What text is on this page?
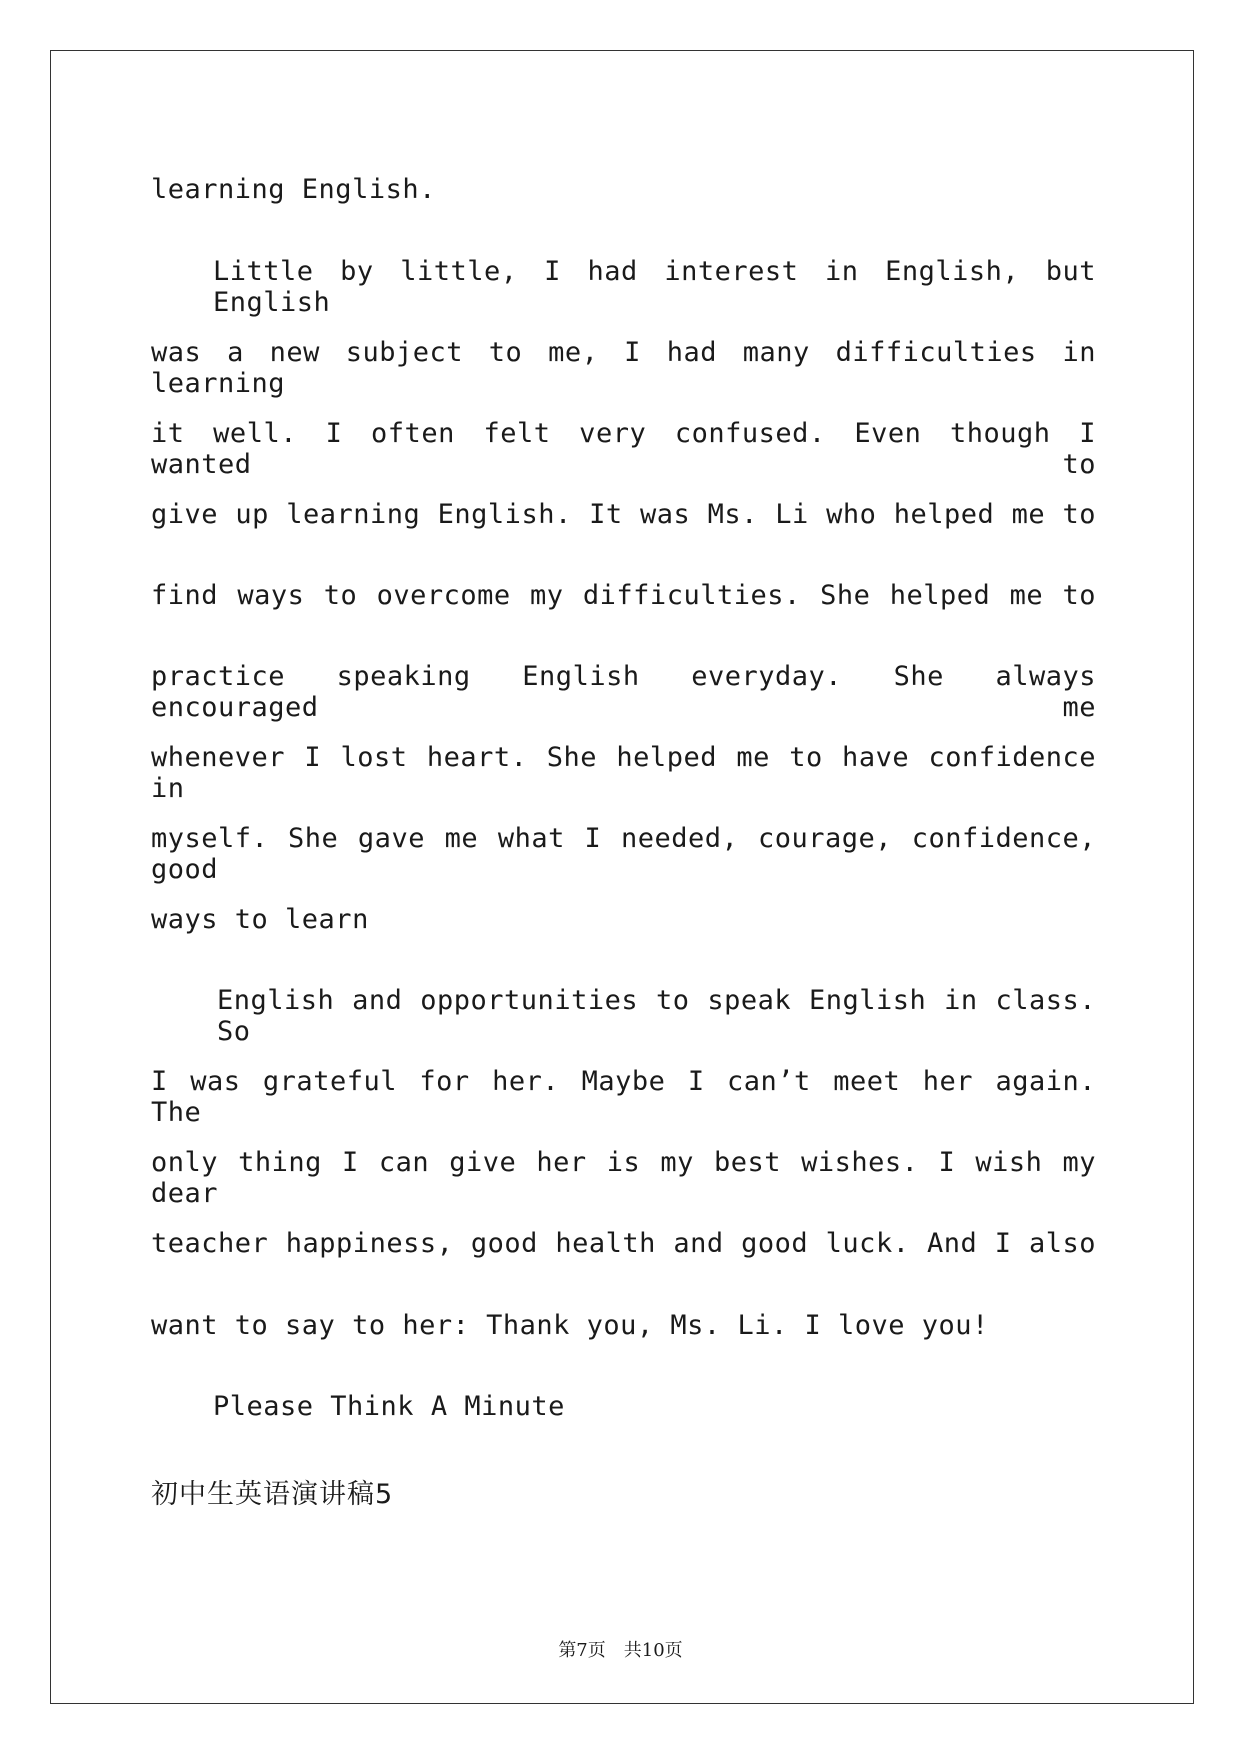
learning English.
Little by little, I had interest in English, but English
was a new subject to me, I had many difficulties in learning
it well. I often felt very confused. Even though I wanted to
give up learning English. It was Ms. Li who helped me to
find ways to overcome my difficulties. She helped me to
practice speaking English everyday. She always encouraged me
whenever I lost heart. She helped me to have confidence in
myself. She gave me what I needed, courage, confidence, good
ways to learn
English and opportunities to speak English in class. So
I was grateful for her. Maybe I can’t meet her again. The
only thing I can give her is my best wishes. I wish my dear
teacher happiness, good health and good luck. And I also
want to say to her: Thank you, Ms. Li. I love you!
Please Think A Minute
初中生英语演讲稿5
第7页　共10页
